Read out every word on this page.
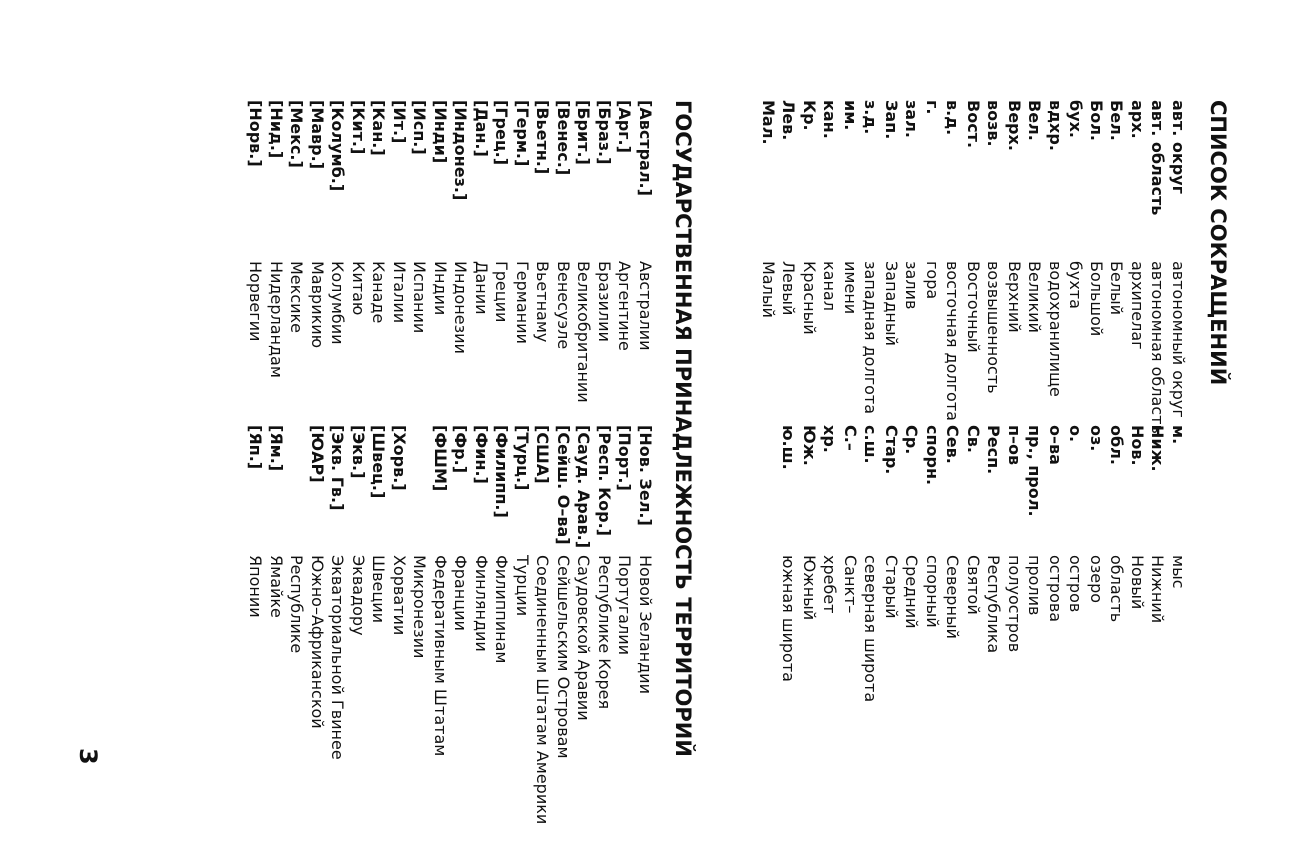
СПИСОК СОКРАЩЕНИЙ
авт. округ
авт. область
арх.
Бел.
Бол.
бух.
вдхр.
Вел.
Верх.
возв.
Вост.
в.д.
г.
зал.
Зап.
з.д.
им.
кан.
Кр.
Лев.
Мал.
автономный округ
автономная область
архипелаг
Белый
Большой
бухта
водохранилище
Великий
Верхний
возвышенность
Восточный
восточная долгота
гора
залив
Западный
западная долгота
имени
канал
Красный
Левый
Малый
м.
Ниж.
Нов.
обл.
оз.
о.
о–ва
пр., прол.
п–ов
Респ.
Св.
Сев.
спорн.
Ср.
Стар.
с.ш.
С.–
хр.
Юж.
ю.ш.
мыс
Нижний
Новый
область
озеро
остров
острова
пролив
полуостров
Республика
Святой
Северный
спорный
Средний
Старый
северная широта
Санкт–
хребет
Южный
южная широта
ГОСУДАРСТВЕННАЯ ПРИНАДЛЕЖНОСТЬ ТЕРРИТОРИЙ
[Австрал.]
[Арг.]
[Браз.]
[Брит.]
[Венес.]
[Вьетн.]
[Герм.]
[Грец.]
[Дан.]
[Индонез.]
[Инди]
[Исп.]
[Ит.]
[Кан.]
[Кит.]
[Колумб.]
[Мавр.]
[Мекс.]
[Нид.]
[Норв.]
Австралии
Аргентине
Бразилии
Великобритании
Венесуэле
Вьетнаму
Германии
Греции
Дании
Индонезии
Индии
Испании
Италии
Канаде
Китаю
Колумбии
Маврикию
Мексике
Нидерландам
Норвегии
[Нов. Зел.]
[Порт.]
[Респ. Кор.]
[Сауд. Арав.]
[Сейш. О–ва]
[США]
[Турц.]
[Филипп.]
[Фин.]
[Фр.]
[ФШМ]
[Хорв.]
[Швец.]
[Экв.]
[Экв. Гв.]
[ЮАР]
[Ям.]
[Яп.]
Новой Зеландии
Португалии
Республике Корея
Саудовской Аравии
Сейшельским Островам
Соединенным Штатам Америки
Турции
Филиппинам
Финляндии
Франции
Федеративным Штатам
Микронезии
Хорватии
Швеции
Эквадору
Экваториальной Гвинее
Южно–Африканской
Республике
Ямайке
Японии
3
